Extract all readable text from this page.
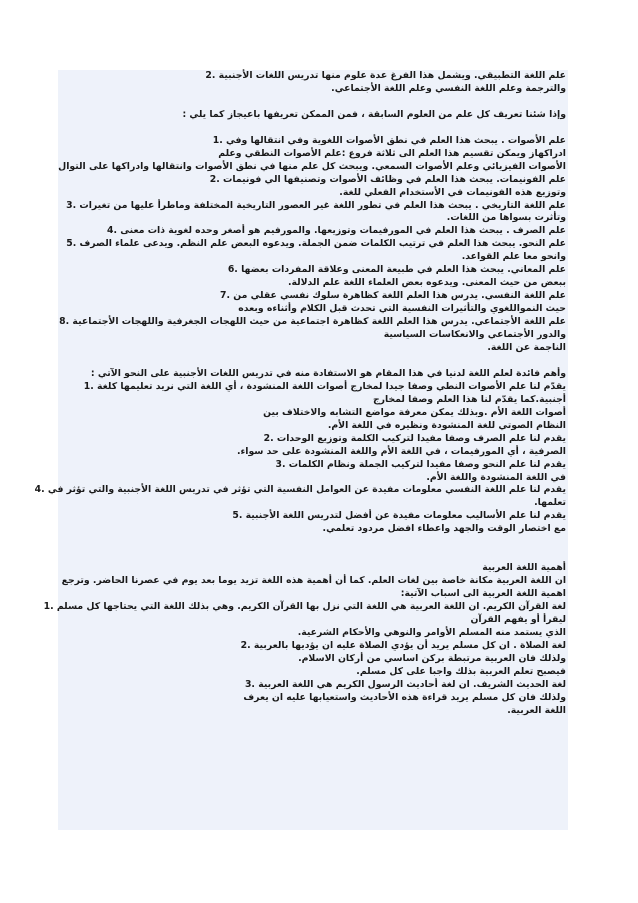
علم اللغة التطبيقي. ويشمل هذا الفرغ عدة علوم منها تدريس اللغات الأجنبية .2

والترجمة وعلم اللغة النفسي وعلم اللغة الأجتماعي.

وإذا شئنا تعريف كل علم من العلوم السابقة ، فمن الممكن تعريفها باعيجاز كما يلي :

علم الأصوات . يبحث هذا العلم في نطق الأصوات اللغوية وفي انتقالها وفي .1

ادراكهاز ويمكن تقسيم هذا العلم الى ثلاثة فروع :علم الأصوات النطقي وعلم

الأصوات الفيزيائي وعلم الأصوات السمعي. ويبحث كل علم منها في نطق الأصوات وانتقالها وادراكها على التوال

علم الفونيمات. يبحث هذا العلم في وظائف الأصوات وتصنيفها الي فونيمات .2

وتوزيع هذه الفونيمات في الأستخدام الفعلي للغة.

علم اللغة التاريخي . يبحث هذا العلم في تطور اللغة غير العصور التاريخية المختلفة وماطرأ عليها من تغيرات .3

وتأثرت بسواها من اللغات.

علم الصرف . يبحث هذا العلم في المورفيمات وتوزيعها. والمورفيم هو أصغر وحده لغوية ذات معنى .4

علم النحو. يبحث هذا العلم في ترتيب الكلمات ضمن الجملة. ويدعوه البعض علم النظم. ويدعى علماء الصرف .5

وانحو معا علم القواعد.

علم المعاني. يبحث هذا العلم في طبيعة المعنى وعلاقة المفردات بعضها .6

ببعض من حيث المعنى. ويدعوه بعض العلماء اللغة علم الدلالة.

علم اللغة النفسي. يدرس هذا العلم اللغة كظاهرة سلوك نفسي عقلي من .7

حيث النمواللغوي والتأثيرات النفسية التي تحدث قبل الكلام وأثناءه وبعده

علم اللغة الأجتماعي. يدرس هذا العلم اللغة كظاهرة اجتماعية من حيث اللهجات الجغرفية واللهجات الأجتماعية .8

والدور الأجتماعي والانعكاسات السياسية

الناجمة عن اللغة.

وأهم فائدة لعلم اللغة لدنيا في هذا المقام هو الاستفادة منه في تدريس اللغات الأجنبية على النحو الآتي :

يقدّم لنا علم الأصوات النطي وصفا جيدا لمخارج أصوات اللغة المنشودة ، أي اللغة التي نريد تعليمها كلغة .1

أجنبية.كما يقدّم لنا هذا العلم وصفا لمخارج

أصوات اللغة الأم .وبذلك يمكن معرفة مواضع التشابه والاختلاف بين

النظام الصوتي للغة المنشودة ونظيره في اللغة الأم.

يقدم لنا علم الصرف وصفا مفيدا لتركيب الكلمة وتوزيع الوحدات .2

الصرفية ، أي المورفيمات ، في اللغة الأم واللغة المنشودة على حد سواء.

يقدم لنا علم النحو وصفا مفيدا لتركيب الجملة ونظام الكلمات .3

في اللغة المنشودة واللغة الأم.

يقدم لنا علم اللغة النفسي معلومات مفيدة عن العوامل النفسية التي تؤثر في تدريس اللغة الأجنبية والتي تؤثر في .4

تعلمها.

يقدم لنا علم الأساليب معلومات مفيدة عن أفضل لتدريس اللغة الأجنبية .5

مع اختصار الوقت والجهد واعطاء افضل مردود تعلمي.

أهمية اللغة العربية

ان اللغة العربية مكانة خاصة بين لغات العلم. كما أن أهمية هذه اللغة تزيد يوما بعد يوم في عصرنا الحاضر. وترجع

اهمية اللغة العربية الى اسباب الآتية:

لغة القرآن الكريم. ان اللغة العربية هي اللغة التي نزل بها القرآن الكريم. وهي بذلك اللغة التي يحتاجها كل مسلم .1

ليقرأ أو يفهم القرآن

الذي يستمد منه المسلم الأوامر والنوهي والأحكام الشرعية.

لغة الصلاة . ان كل مسلم يريد أن يؤدي الصلاة عليه ان يؤديها بالعربية .2

ولذلك فان العربية مرتبطة بركن اساسي من أركان الاسلام.

فيصبح تعلم العربية بذلك واجبا على كل مسلم.

لغة الحديث الشريف. ان لغة أحاديث الرسول الكريم هي اللغة العربية .3

ولذلك فان كل مسلم يريد قراءة هذه الأحاديث واستعيابها عليه ان يعرف

اللغة العربية.
